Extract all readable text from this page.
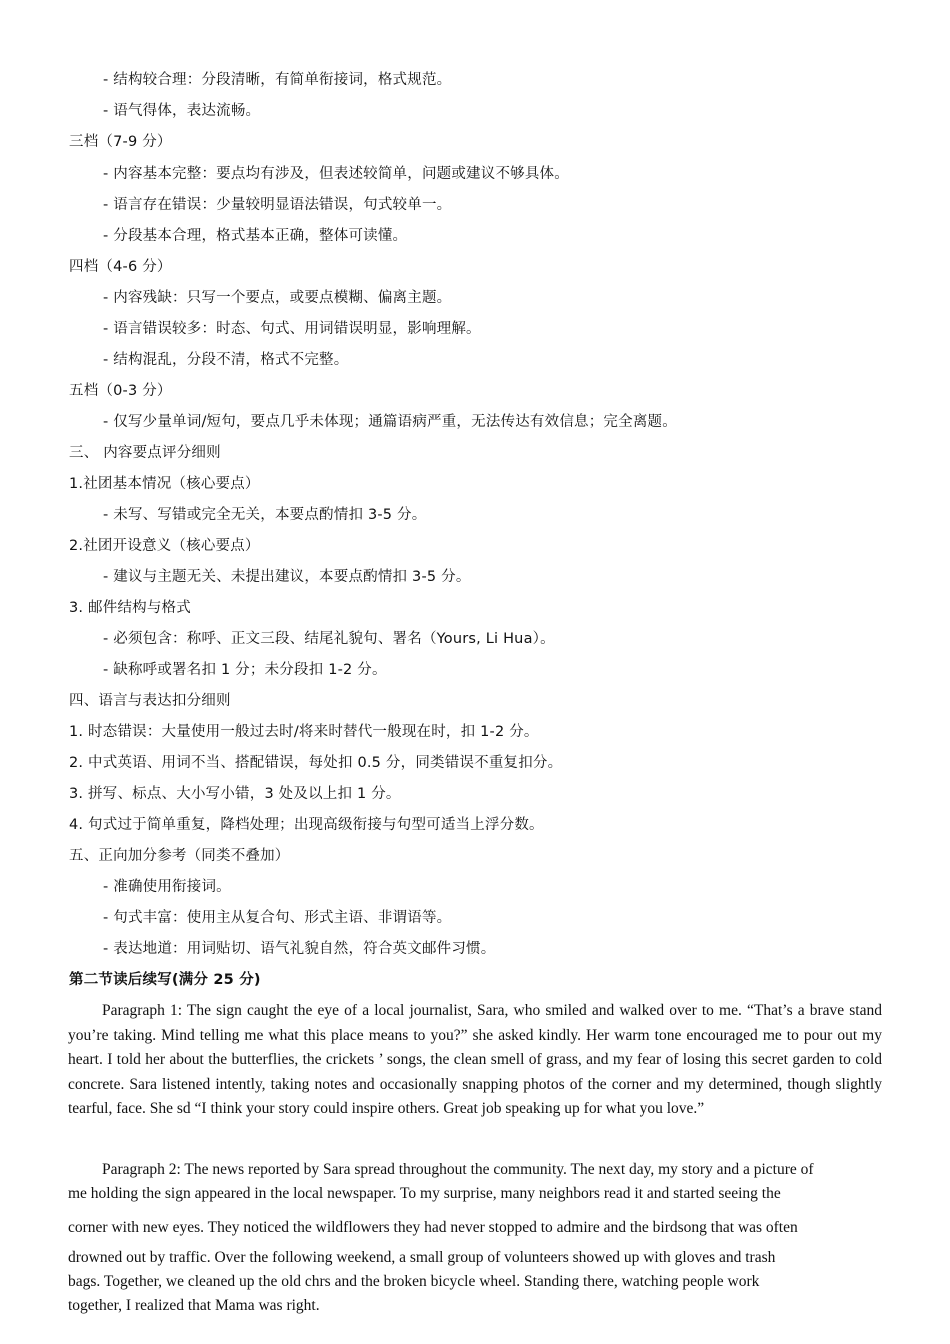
- 结构较合理：分段清晰，有简单衔接词，格式规范。
- 语气得体，表达流畅。
三档（7-9 分）
- 内容基本完整：要点均有涉及，但表述较简单，问题或建议不够具体。
- 语言存在错误：少量较明显语法错误，句式较单一。
- 分段基本合理，格式基本正确，整体可读懂。
四档（4-6 分）
- 内容残缺：只写一个要点，或要点模糊、偏离主题。
- 语言错误较多：时态、句式、用词错误明显，影响理解。
- 结构混乱，分段不清，格式不完整。
五档（0-3 分）
- 仅写少量单词/短句，要点几乎未体现；通篇语病严重，无法传达有效信息；完全离题。
三、 内容要点评分细则
1.社团基本情况（核心要点）
- 未写、写错或完全无关，本要点酌情扣 3-5 分。
2.社团开设意义（核心要点）
- 建议与主题无关、未提出建议，本要点酌情扣 3-5 分。
3. 邮件结构与格式
- 必须包含：称呼、正文三段、结尾礼貌句、署名（Yours, Li Hua）。
- 缺称呼或署名扣 1 分；未分段扣 1-2 分。
四、语言与表达扣分细则
1. 时态错误：大量使用一般过去时/将来时替代一般现在时，扣 1-2 分。
2. 中式英语、用词不当、搭配错误，每处扣 0.5 分，同类错误不重复扣分。
3. 拼写、标点、大小写小错，3 处及以上扣 1 分。
4. 句式过于简单重复，降档处理；出现高级衔接与句型可适当上浮分数。
五、正向加分参考（同类不叠加）
- 准确使用衔接词。
- 句式丰富：使用主从复合句、形式主语、非谓语等。
- 表达地道：用词贴切、语气礼貌自然，符合英文邮件习惯。
第二节读后续写(满分 25 分)
Paragraph 1: The sign caught the eye of a local journalist, Sara, who smiled and walked over to me. “That’s a brave stand you’re taking. Mind telling me what this place means to you?” she asked kindly. Her warm tone encouraged me to pour out my heart. I told her about the butterflies, the crickets ’ songs, the clean smell of grass, and my fear of losing this secret garden to cold concrete. Sara listened intently, taking notes and occasionally snapping photos of the corner and my determined, though slightly tearful, face. She sd “I think your story could inspire others. Great job speaking up for what you love.”
Paragraph 2: The news reported by Sara spread throughout the community. The next day, my story and a picture of
me holding the sign appeared in the local newspaper. To my surprise, many neighbors read it and started seeing the
corner with new eyes. They noticed the wildflowers they had never stopped to admire and the birdsong that was often
drowned out by traffic. Over the following weekend, a small group of volunteers showed up with gloves and trash
bags. Together, we cleaned up the old chrs and the broken bicycle wheel. Standing there, watching people work
together, I realized that Mama was right.
